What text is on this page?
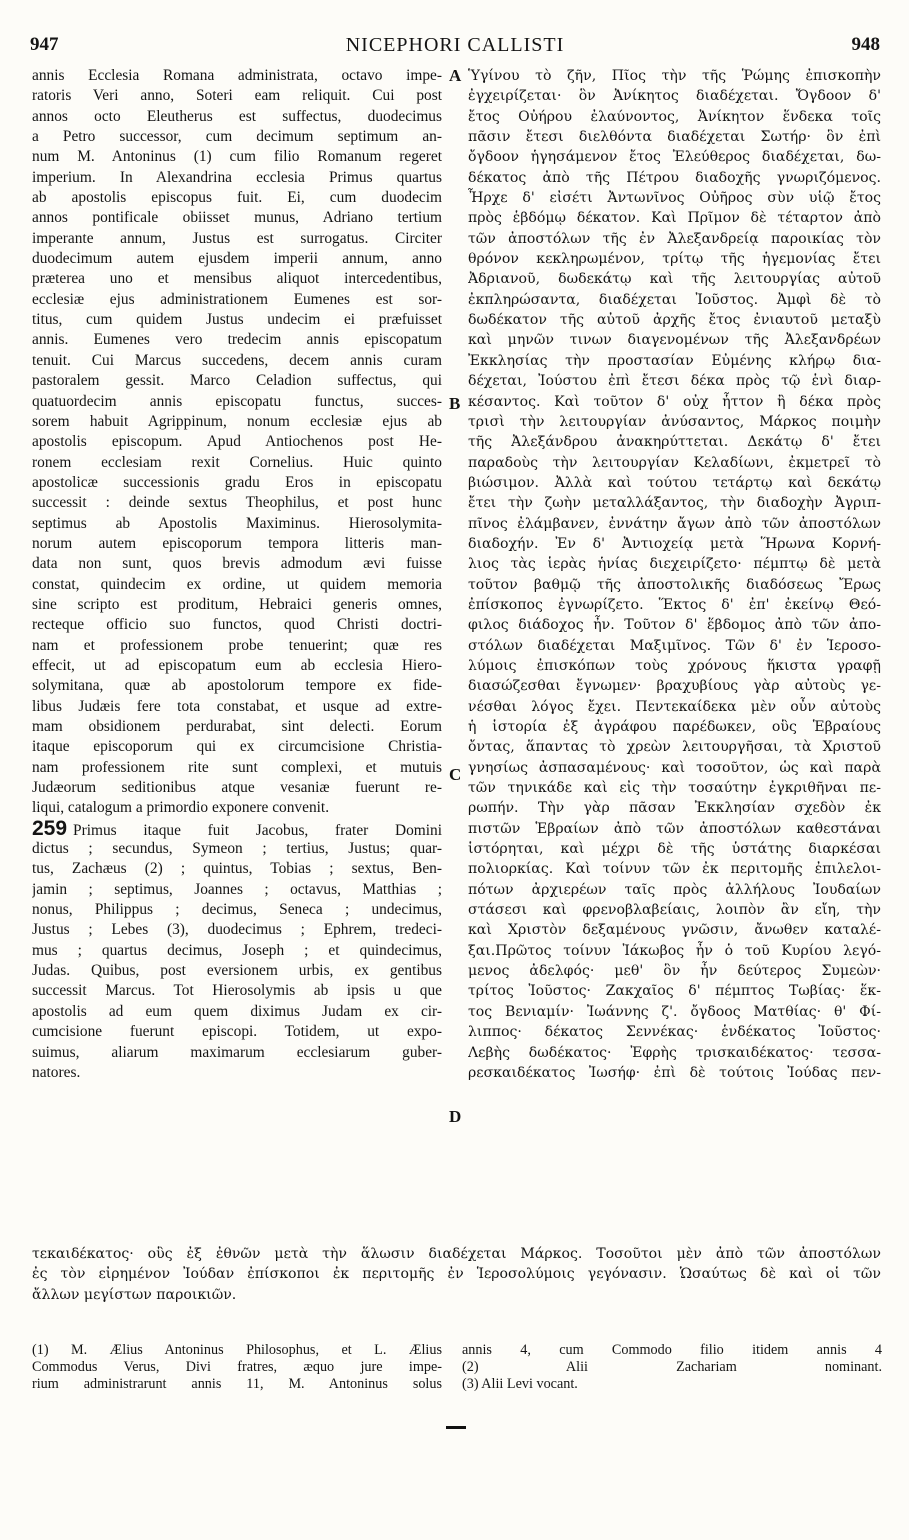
947	NICEPHORI CALLISTI	948
annis Ecclesia Romana administrata, octavo impe-
ratoris Veri anno, Soteri eam reliquit. Cui post
annos octo Eleutherus est suffectus, duodecimus
a Petro successor, cum decimum septimum an-
num M. Antoninus (1) cum filio Romanum regeret
imperium. In Alexandrina ecclesia Primus quartus
ab apostolis episcopus fuit. Ei, cum duodecim
annos pontificale obiisset munus, Adriano tertium
imperante annum, Justus est surrogatus. Circiter
duodecimum autem ejusdem imperii annum, anno
præterea uno et mensibus aliquot intercedentibus,
ecclesiæ ejus administrationem Eumenes est sor-
titus, cum quidem Justus undecim ei præfuisset
annis. Eumenes vero tredecim annis episcopatum
tenuit. Cui Marcus succedens, decem annis curam
pastoralem gessit. Marco Celadion suffectus, qui
quatuordecim annis episcopatu functus, succes-
sorem habuit Agrippinum, nonum ecclesiæ ejus ab
apostolis episcopum. Apud Antiochenos post He-
ronem ecclesiam rexit Cornelius. Huic quinto
apostolicæ successionis gradu Eros in episcopatu
successit : deinde sextus Theophilus, et post hunc
septimus ab Apostolis Maximinus. Hierosolymita-
norum autem episcoporum tempora litteris man-
data non sunt, quos brevis admodum ævi fuisse
constat, quindecim ex ordine, ut quidem memoria
sine scripto est proditum, Hebraici generis omnes,
recteque officio suo functos, quod Christi doctri-
nam et professionem probe tenuerint; quæ res
effecit, ut ad episcopatum eum ab ecclesia Hiero-
solymitana, quæ ab apostolorum tempore ex fide-
libus Judæis fere tota constabat, et usque ad extre-
mam obsidionem perdurabat, sint delecti. Eorum
itaque episcoporum qui ex circumcisione Christia-
nam professionem rite sunt complexi, et mutuis
Judæorum seditionibus atque vesaniæ fuerunt re-
liqui, catalogum a primordio exponere convenit.
259 Primus itaque fuit Jacobus, frater Domini
dictus ; secundus, Symeon ; tertius, Justus; quar-
tus, Zachæus (2) ; quintus, Tobias ; sextus, Ben-
jamin ; septimus, Joannes ; octavus, Matthias ;
nonus, Philippus ; decimus, Seneca ; undecimus,
Justus ; Lebes (3), duodecimus ; Ephrem, tredeci-
mus ; quartus decimus, Joseph ; et quindecimus,
Judas. Quibus, post eversionem urbis, ex gentibus
successit Marcus. Tot Hierosolymis ab ipsis u que
apostolis ad eum quem diximus Judam ex cir-
cumcisione fuerunt episcopi. Totidem, ut expo-
suimus, aliarum maximarum ecclesiarum guber-
natores.
Ὑγίνου τὸ ζῆν, Πῖος τὴν τῆς Ῥώμης ἐπισκοπὴν
ἐγχειρίζεται· ὃν Ἀνίκητος διαδέχεται. Ὄγδοον δ'
ἔτος Οὐήρου ἐλαύνοντος, Ἀνίκητον ἕνδεκα τοῖς
πᾶσιν ἔτεσι διελθόντα διαδέχεται Σωτήρ· ὃν ἐπὶ
ὄγδοον ἡγησάμενον ἔτος Ἐλεύθερος διαδέχεται, δω-
δέκατος ἀπὸ τῆς Πέτρου διαδοχῆς γνωριζόμενος.
Ἦρχε δ' εἰσέτι Ἀντωνῖνος Οὐῆρος σὺν υἱῷ ἔτος
πρὸς ἑβδόμῳ δέκατον. Καὶ Πρῖμον δὲ τέταρτον ἀπὸ
τῶν ἀποστόλων τῆς ἐν Ἀλεξανδρείᾳ παροικίας τὸν
θρόνον κεκληρωμένον, τρίτῳ τῆς ἡγεμονίας ἔτει
Ἀδριανοῦ, δωδεκάτῳ καὶ τῆς λειτουργίας αὐτοῦ
ἐκπληρώσαντα, διαδέχεται Ἰοῦστος. Ἀμφὶ δὲ τὸ
δωδέκατον τῆς αὐτοῦ ἀρχῆς ἔτος ἐνιαυτοῦ μεταξὺ
καὶ μηνῶν τινων διαγενομένων τῆς Ἀλεξανδρέων
Ἐκκλησίας τὴν προστασίαν Εὐμένης κλήρῳ δια-
δέχεται, Ἰούστου ἐπὶ ἔτεσι δέκα πρὸς τῷ ἑνὶ διαρ-
κέσαντος. Καὶ τοῦτον δ' οὐχ ἧττον ἢ δέκα πρὸς
τρισὶ τὴν λειτουργίαν ἀνύσαντος, Μάρκος ποιμὴν
τῆς Ἀλεξάνδρου ἀνακηρύττεται. Δεκάτῳ δ' ἔτει
παραδοὺς τὴν λειτουργίαν Κελαδίωνι, ἐκμετρεῖ τὸ
βιώσιμον. Ἀλλὰ καὶ τούτου τετάρτῳ καὶ δεκάτῳ
ἔτει τὴν ζωὴν μεταλλάξαντος, τὴν διαδοχὴν Ἀγριπ-
πῖνος ἐλάμβανεν, ἐννάτην ἄγων ἀπὸ τῶν ἀποστόλων
διαδοχήν. Ἐν δ' Ἀντιοχείᾳ μετὰ Ἥρωνα Κορνή-
λιος τὰς ἱερὰς ἡνίας διεχειρίζετο· πέμπτῳ δὲ μετὰ
τοῦτον βαθμῷ τῆς ἀποστολικῆς διαδόσεως Ἔρως
ἐπίσκοπος ἐγνωρίζετο. Ἕκτος δ' ἐπ' ἐκείνῳ Θεό-
φιλος διάδοχος ἦν. Τοῦτον δ' ἕβδομος ἀπὸ τῶν ἀπο-
στόλων διαδέχεται Μαξιμῖνος. Τῶν δ' ἐν Ἱεροσο-
λύμοις ἐπισκόπων τοὺς χρόνους ἥκιστα γραφῇ
διασώζεσθαι ἔγνωμεν· βραχυβίους γὰρ αὐτοὺς γε-
νέσθαι λόγος ἔχει. Πεντεκαίδεκα μὲν οὖν αὐτοὺς
ἡ ἱστορία ἐξ ἀγράφου παρέδωκεν, οὓς Ἑβραίους
ὄντας, ἅπαντας τὸ χρεὼν λειτουργῆσαι, τὰ Χριστοῦ
γνησίως ἀσπασαμένους· καὶ τοσοῦτον, ὡς καὶ παρὰ
τῶν τηνικάδε καὶ εἰς τὴν τοσαύτην ἐγκριθῆναι πε-
ρωπήν. Τὴν γὰρ πᾶσαν Ἐκκλησίαν σχεδὸν ἐκ
πιστῶν Ἑβραίων ἀπὸ τῶν ἀποστόλων καθεστάναι
ἱστόρηται, καὶ μέχρι δὲ τῆς ὑστάτης διαρκέσαι
πολιορκίας. Καὶ τοίνυν τῶν ἐκ περιτομῆς ἐπιλελοι-
πότων ἀρχιερέων ταῖς πρὸς ἀλλήλους Ἰουδαίων
στάσεσι καὶ φρενοβλαβείαις, λοιπὸν ἂν εἴη, τὴν
καὶ Χριστὸν δεξαμένους γνῶσιν, ἄνωθεν καταλέ-
ξαι.Πρῶτος τοίνυν Ἰάκωβος ἦν ὁ τοῦ Κυρίου λεγό-
μενος ἀδελφός· μεθ' ὃν ἦν δεύτερος Συμεὼν·
τρίτος Ἰοῦστος· Ζακχαῖος δ' πέμπτος Τωβίας· ἕκ-
τος Βενιαμίν· Ἰωάννης ζ'. ὄγδοος Ματθίας· θ' Φί-
λιππος· δέκατος Σεννέκας· ἑνδέκατος Ἰοῦστος·
Λεβὴς δωδέκατος· Ἐφρὴς τρισκαιδέκατος· τεσσα-
ρεσκαιδέκατος Ἰωσήφ· ἐπὶ δὲ τούτοις Ἰούδας πεν-
A
B
C
D
τεκαιδέκατος· οὓς ἐξ ἐθνῶν μετὰ τὴν ἅλωσιν διαδέχεται Μάρκος. Τοσοῦτοι μὲν ἀπὸ τῶν ἀποστόλων
ἐς τὸν εἰρημένον Ἰούδαν ἐπίσκοποι ἐκ περιτομῆς ἐν Ἱεροσολύμοις γεγόνασιν. Ὡσαύτως δὲ καὶ οἱ τῶν
ἄλλων μεγίστων παροικιῶν.
(1) M. Ælius Antoninus Philosophus, et L. Ælius
Commodus Verus, Divi fratres, æquo jure impe-
rium administrarunt annis 11, M. Antoninus solus
annis 4, cum Commodo filio itidem annis 4
(2) Alii Zachariam nominant.
(3) Alii Levi vocant.
